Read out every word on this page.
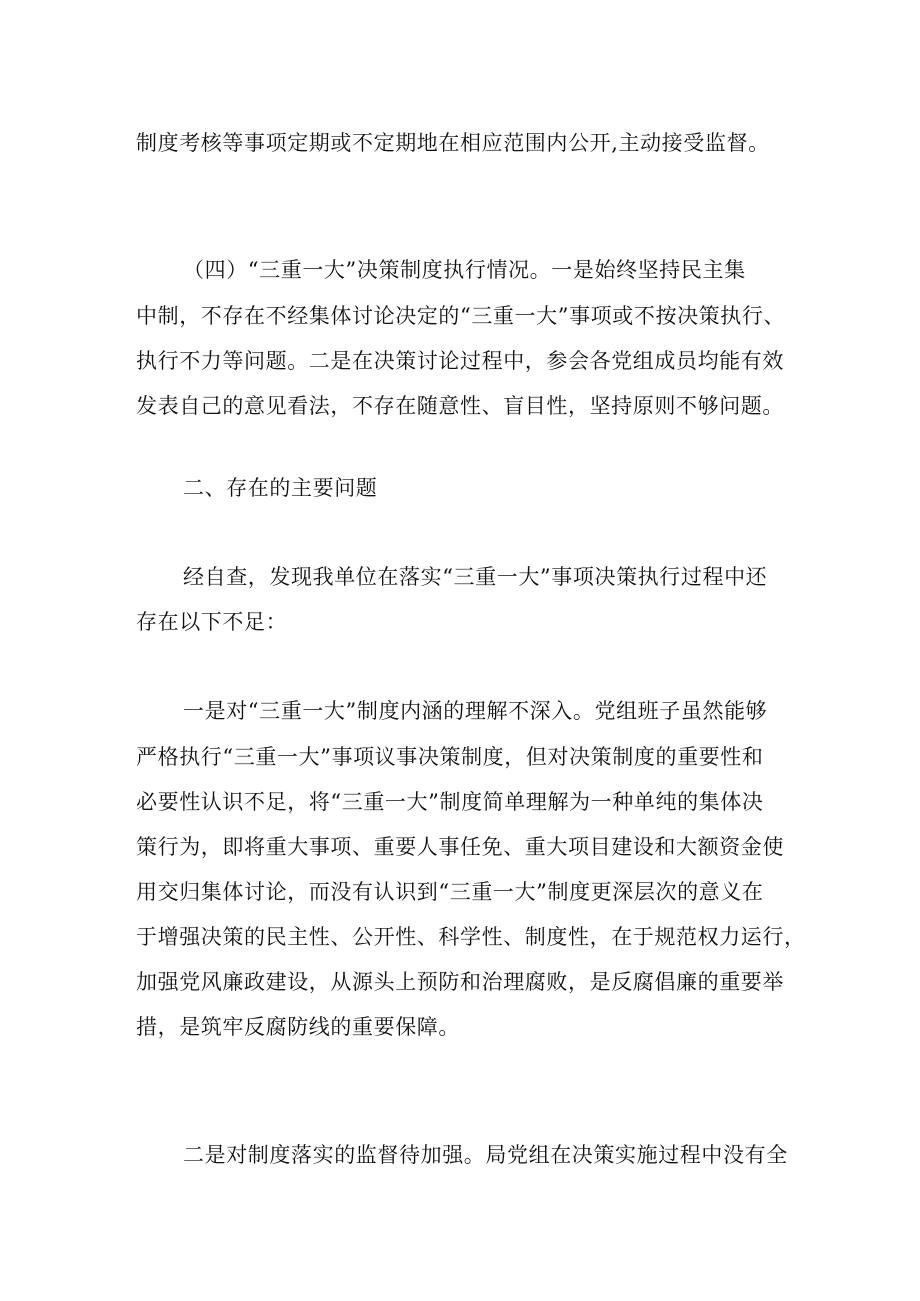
制度考核等事项定期或不定期地在相应范围内公开,主动接受监督。
（四）“三重一大”决策制度执行情况。一是始终坚持民主集
中制，不存在不经集体讨论决定的“三重一大”事项或不按决策执行、
执行不力等问题。二是在决策讨论过程中，参会各党组成员均能有效
发表自己的意见看法，不存在随意性、盲目性，坚持原则不够问题。
二、存在的主要问题
经自查，发现我单位在落实“三重一大”事项决策执行过程中还
存在以下不足：
一是对“三重一大”制度内涵的理解不深入。党组班子虽然能够
严格执行“三重一大”事项议事决策制度，但对决策制度的重要性和
必要性认识不足，将“三重一大”制度简单理解为一种单纯的集体决
策行为，即将重大事项、重要人事任免、重大项目建设和大额资金使
用交归集体讨论，而没有认识到“三重一大”制度更深层次的意义在
于增强决策的民主性、公开性、科学性、制度性，在于规范权力运行，
加强党风廉政建设，从源头上预防和治理腐败，是反腐倡廉的重要举
措，是筑牢反腐防线的重要保障。
二是对制度落实的监督待加强。局党组在决策实施过程中没有全
